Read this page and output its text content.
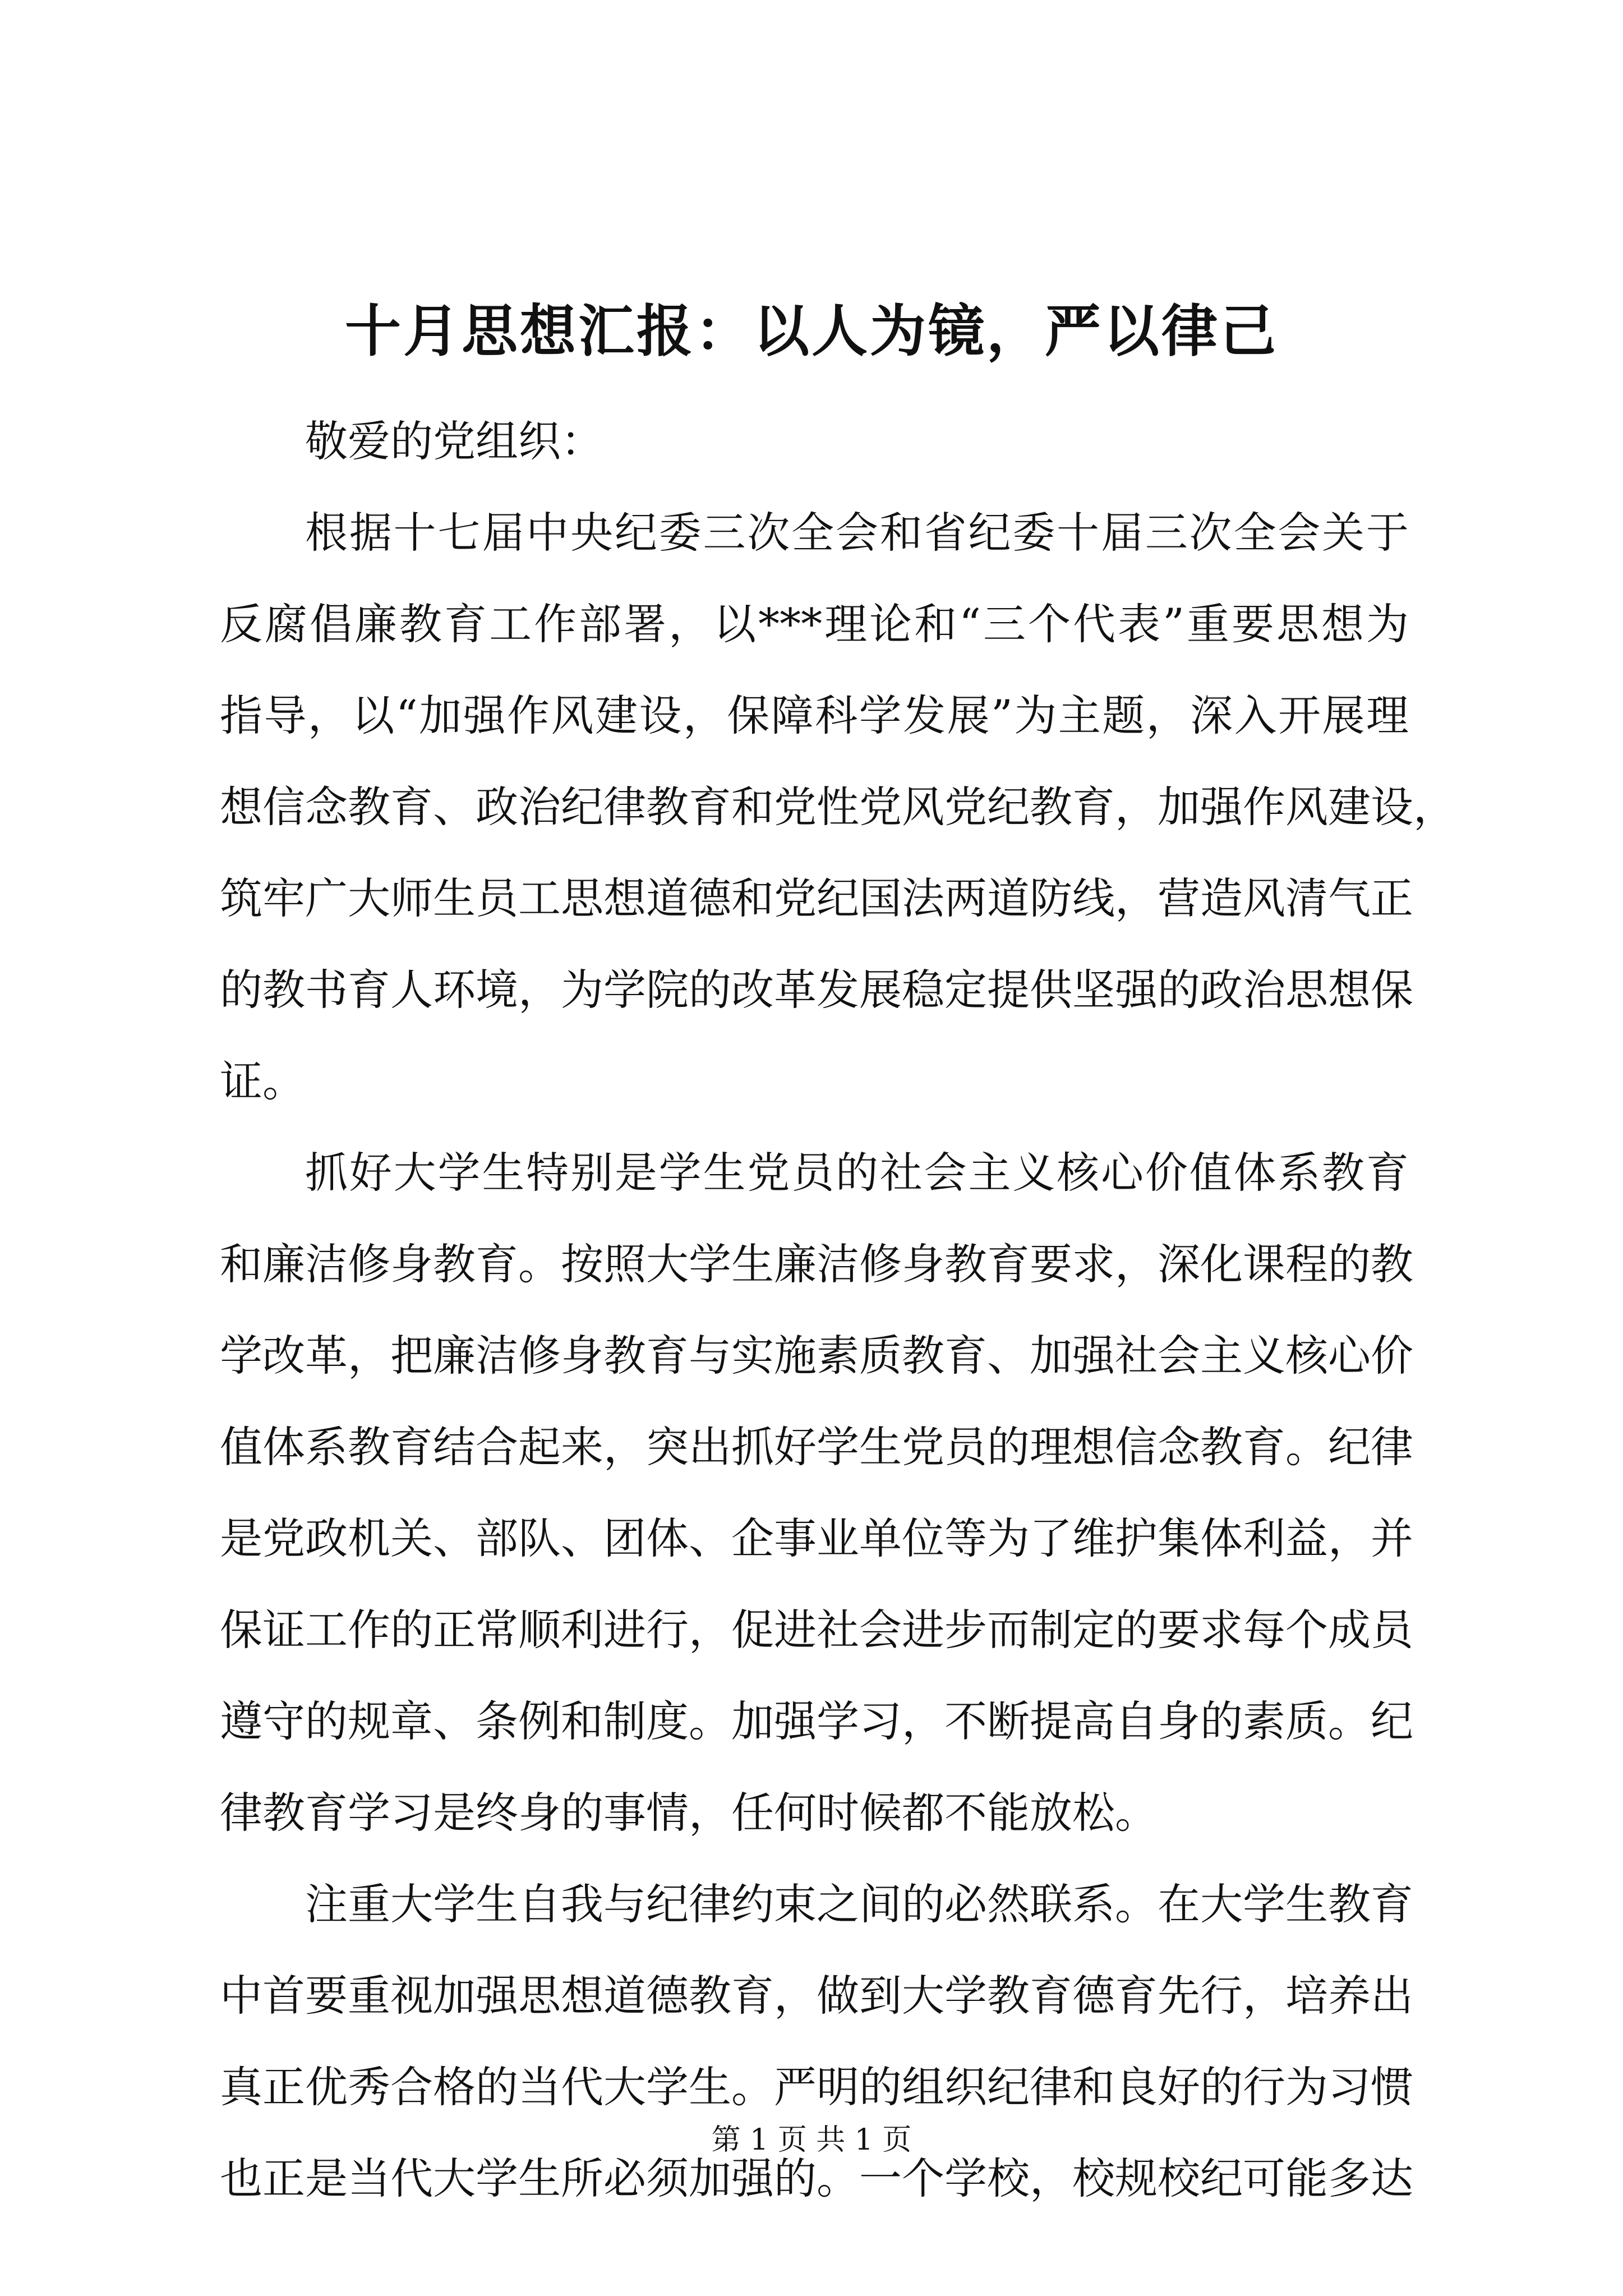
十月思想汇报：以人为镜，严以律己
敬爱的党组织：
根据十七届中央纪委三次全会和省纪委十届三次全会关于
反腐倡廉教育工作部署，以***理论和“三个代表”重要思想为
指导，以“加强作风建设，保障科学发展”为主题，深入开展理
想信念教育、政治纪律教育和党性党风党纪教育，加强作风建设，
筑牢广大师生员工思想道德和党纪国法两道防线，营造风清气正
的教书育人环境，为学院的改革发展稳定提供坚强的政治思想保
证。
抓好大学生特别是学生党员的社会主义核心价值体系教育
和廉洁修身教育。按照大学生廉洁修身教育要求，深化课程的教
学改革，把廉洁修身教育与实施素质教育、加强社会主义核心价
值体系教育结合起来，突出抓好学生党员的理想信念教育。纪律
是党政机关、部队、团体、企事业单位等为了维护集体利益，并
保证工作的正常顺利进行，促进社会进步而制定的要求每个成员
遵守的规章、条例和制度。加强学习，不断提高自身的素质。纪
律教育学习是终身的事情，任何时候都不能放松。
注重大学生自我与纪律约束之间的必然联系。在大学生教育
中首要重视加强思想道德教育，做到大学教育德育先行，培养出
真正优秀合格的当代大学生。严明的组织纪律和良好的行为习惯
也正是当代大学生所必须加强的。一个学校，校规校纪可能多达
第 1 页 共 1 页
